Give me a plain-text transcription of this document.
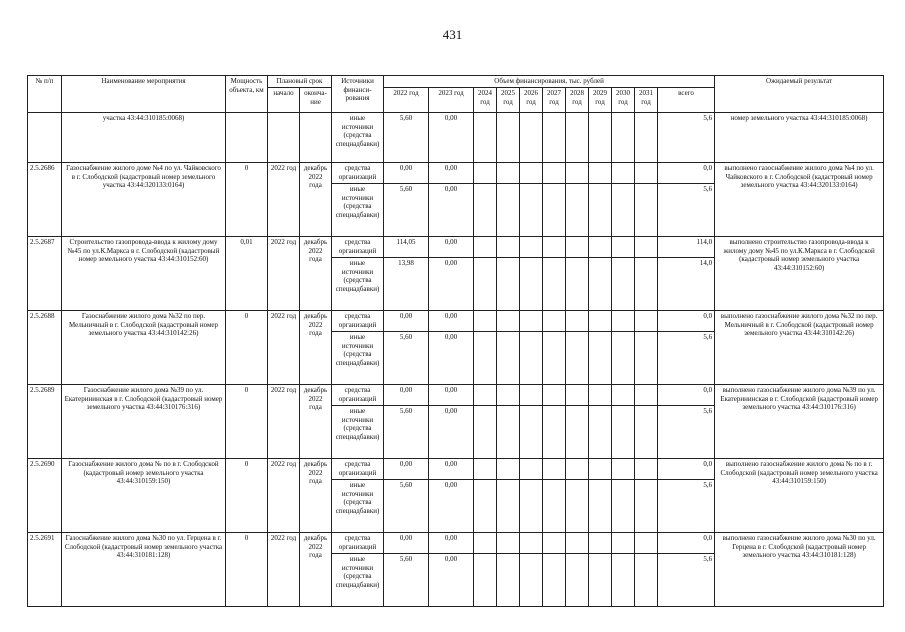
431
№ п/п	Наименование мероприятия	Мощность объекта, км	Плановый срок		Источники финанси-рования	Объем финансирования, тыс. рублей											Ожидаемый результат
			начало	оконча-ние		2022 год	2023 год	2024 год	2025 год	2026 год	2027 год	2028 год	2029 год	2030 год	2031 год	всего	
	участка 43:44:310185:0068)				иные источники (средства спецнадбавки)	5,60	0,00									5,6	номер земельного участка 43:44:310185:0068)
2.5.2686	Газоснабжение жилого доме №4 по ул. Чайковского в г. Слободской (кадастровый номер земельного участка 43:44:320133:0164)	0	2022 год	декабрь 2022 года	средства организаций	0,00	0,00									0,0	выполнено газоснабжение жилого дома №4 по ул. Чайковского в г. Слободской (кадастровый номер земельного участка 43:44:320133:0164)
					иные источники (средства спецнадбавки)	5,60	0,00									5,6	
2.5.2687	Строительство газопровода-ввода к жилому дому №45 по ул.К.Маркса в г. Слободской (кадастровый номер земельного участка 43:44:310152:60)	0,01	2022 год	декабрь 2022 года	средства организаций	114,05	0,00									114,0	выполнено строительство газопровода-ввода к жилому дому №45 по ул.К.Маркса в г. Слободской (кадастровый номер земельного участка 43:44:310152:60)
					иные источники (средства спецнадбавки)	13,98	0,00									14,0	
2.5.2688	Газоснабжение жилого дома №32 по пер. Мельничный в г. Слободской (кадастровый номер земельного участка 43:44:310142:26)	0	2022 год	декабрь 2022 года	средства организаций	0,00	0,00									0,0	выполнено газоснабжение жилого дома №32 по пер. Мельничный в г. Слободской (кадастровый номер земельного участка 43:44:310142:26)
					иные источники (средства спецнадбавки)	5,60	0,00									5,6	
2.5.2689	Газоснабжение жилого дома №39 по ул. Екатерининская в г. Слободской (кадастровый номер земельного участка 43:44:310176:316)	0	2022 год	декабрь 2022 года	средства организаций	0,00	0,00									0,0	выполнено газоснабжение жилого дома №39 по ул. Екатерининская в г. Слободской (кадастровый номер земельного участка 43:44:310176:316)
					иные источники (средства спецнадбавки)	5,60	0,00									5,6	
2.5.2690	Газоснабжение жилого дома № по в г. Слободской (кадастровый номер земельного участка 43:44:310159:150)	0	2022 год	декабрь 2022 года	средства организаций	0,00	0,00									0,0	выполнено газоснабжение жилого дома № по в г. Слободской (кадастровый номер земельного участка 43:44:310159:150)
					иные источники (средства спецнадбавки)	5,60	0,00									5,6	
2.5.2691	Газоснабжение жилого дома №30 по ул. Герцена в г. Слободской (кадастровый номер земельного участка 43:44:310181:128)	0	2022 год	декабрь 2022 года	средства организаций	0,00	0,00									0,0	выполнено газоснабжение жилого дома №30 по ул. Герцена в г. Слободской (кадастровый номер земельного участка 43:44:310181:128)
					иные источники (средства спецнадбавки)	5,60	0,00									5,6	
